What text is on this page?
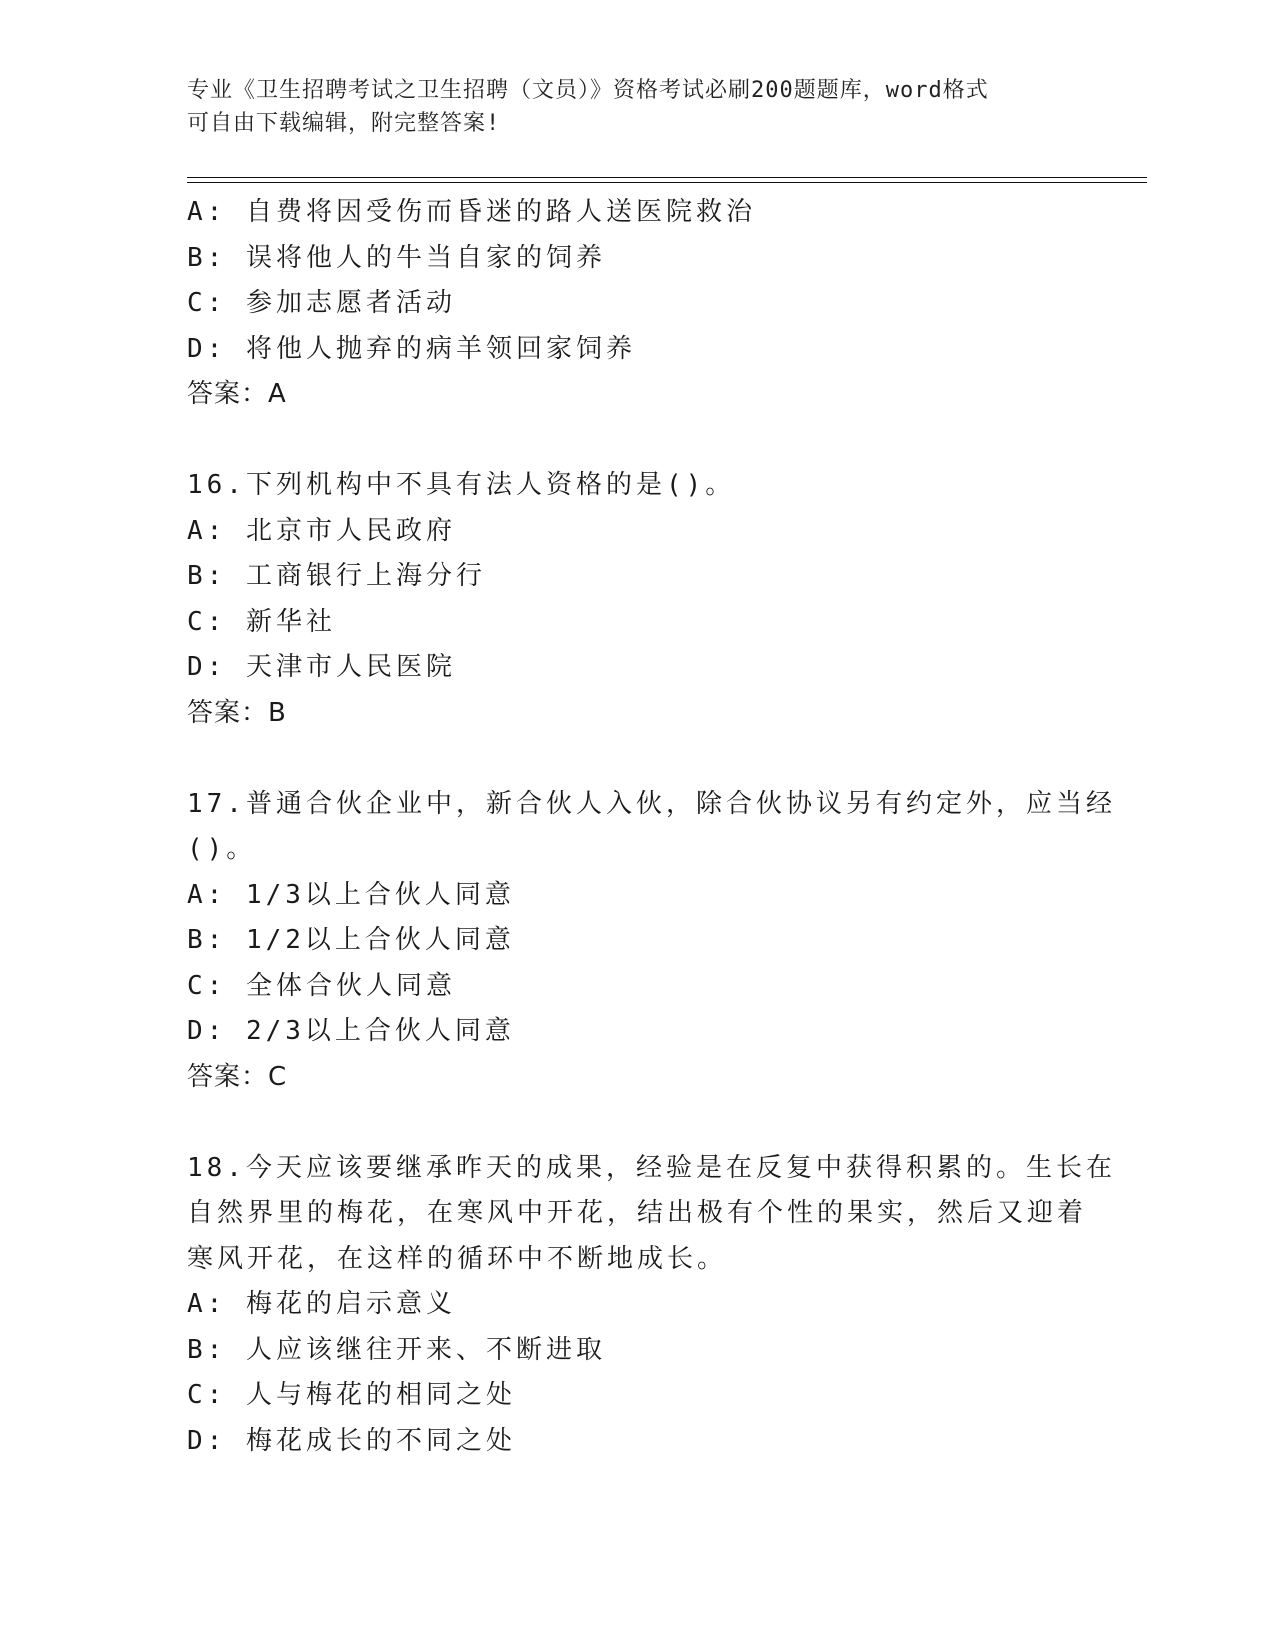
专业《卫生招聘考试之卫生招聘（文员）》资格考试必刷200题题库，word格式
可自由下载编辑，附完整答案!
A: 自费将因受伤而昏迷的路人送医院救治
B: 误将他人的牛当自家的饲养
C: 参加志愿者活动
D: 将他人抛弃的病羊领回家饲养
答案：A
16.下列机构中不具有法人资格的是()。
A: 北京市人民政府
B: 工商银行上海分行
C: 新华社
D: 天津市人民医院
答案：B
17.普通合伙企业中，新合伙人入伙，除合伙协议另有约定外，应当经
()。
A: 1/3以上合伙人同意
B: 1/2以上合伙人同意
C: 全体合伙人同意
D: 2/3以上合伙人同意
答案：C
18.今天应该要继承昨天的成果，经验是在反复中获得积累的。生长在
自然界里的梅花，在寒风中开花，结出极有个性的果实，然后又迎着
寒风开花，在这样的循环中不断地成长。
A: 梅花的启示意义
B: 人应该继往开来、不断进取
C: 人与梅花的相同之处
D: 梅花成长的不同之处
